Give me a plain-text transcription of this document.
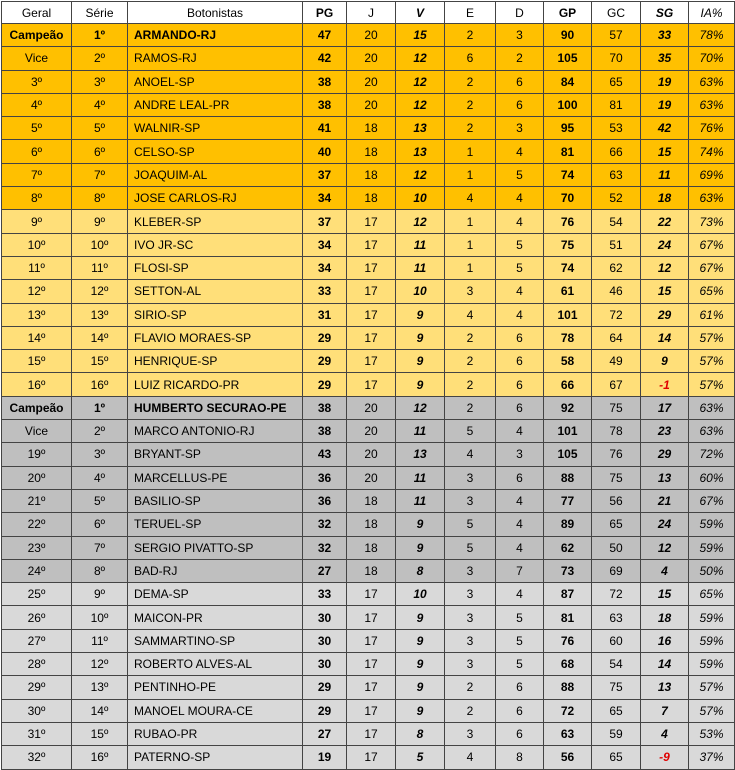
Geral	Série	Botonistas	PG	J	V	E	D	GP	GC	SG	IA%
Campeão	1º	ARMANDO-RJ	47	20	15	2	3	90	57	33	78%
Vice	2º	RAMOS-RJ	42	20	12	6	2	105	70	35	70%
3º	3º	ANOEL-SP	38	20	12	2	6	84	65	19	63%
4º	4º	ANDRE LEAL-PR	38	20	12	2	6	100	81	19	63%
5º	5º	WALNIR-SP	41	18	13	2	3	95	53	42	76%
6º	6º	CELSO-SP	40	18	13	1	4	81	66	15	74%
7º	7º	JOAQUIM-AL	37	18	12	1	5	74	63	11	69%
8º	8º	JOSE CARLOS-RJ	34	18	10	4	4	70	52	18	63%
9º	9º	KLEBER-SP	37	17	12	1	4	76	54	22	73%
10º	10º	IVO JR-SC	34	17	11	1	5	75	51	24	67%
11º	11º	FLOSI-SP	34	17	11	1	5	74	62	12	67%
12º	12º	SETTON-AL	33	17	10	3	4	61	46	15	65%
13º	13º	SIRIO-SP	31	17	9	4	4	101	72	29	61%
14º	14º	FLAVIO MORAES-SP	29	17	9	2	6	78	64	14	57%
15º	15º	HENRIQUE-SP	29	17	9	2	6	58	49	9	57%
16º	16º	LUIZ RICARDO-PR	29	17	9	2	6	66	67	-1	57%
Campeão	1º	HUMBERTO SECURAO-PE	38	20	12	2	6	92	75	17	63%
Vice	2º	MARCO ANTONIO-RJ	38	20	11	5	4	101	78	23	63%
19º	3º	BRYANT-SP	43	20	13	4	3	105	76	29	72%
20º	4º	MARCELLUS-PE	36	20	11	3	6	88	75	13	60%
21º	5º	BASILIO-SP	36	18	11	3	4	77	56	21	67%
22º	6º	TERUEL-SP	32	18	9	5	4	89	65	24	59%
23º	7º	SERGIO PIVATTO-SP	32	18	9	5	4	62	50	12	59%
24º	8º	BAD-RJ	27	18	8	3	7	73	69	4	50%
25º	9º	DEMA-SP	33	17	10	3	4	87	72	15	65%
26º	10º	MAICON-PR	30	17	9	3	5	81	63	18	59%
27º	11º	SAMMARTINO-SP	30	17	9	3	5	76	60	16	59%
28º	12º	ROBERTO ALVES-AL	30	17	9	3	5	68	54	14	59%
29º	13º	PENTINHO-PE	29	17	9	2	6	88	75	13	57%
30º	14º	MANOEL MOURA-CE	29	17	9	2	6	72	65	7	57%
31º	15º	RUBAO-PR	27	17	8	3	6	63	59	4	53%
32º	16º	PATERNO-SP	19	17	5	4	8	56	65	-9	37%
